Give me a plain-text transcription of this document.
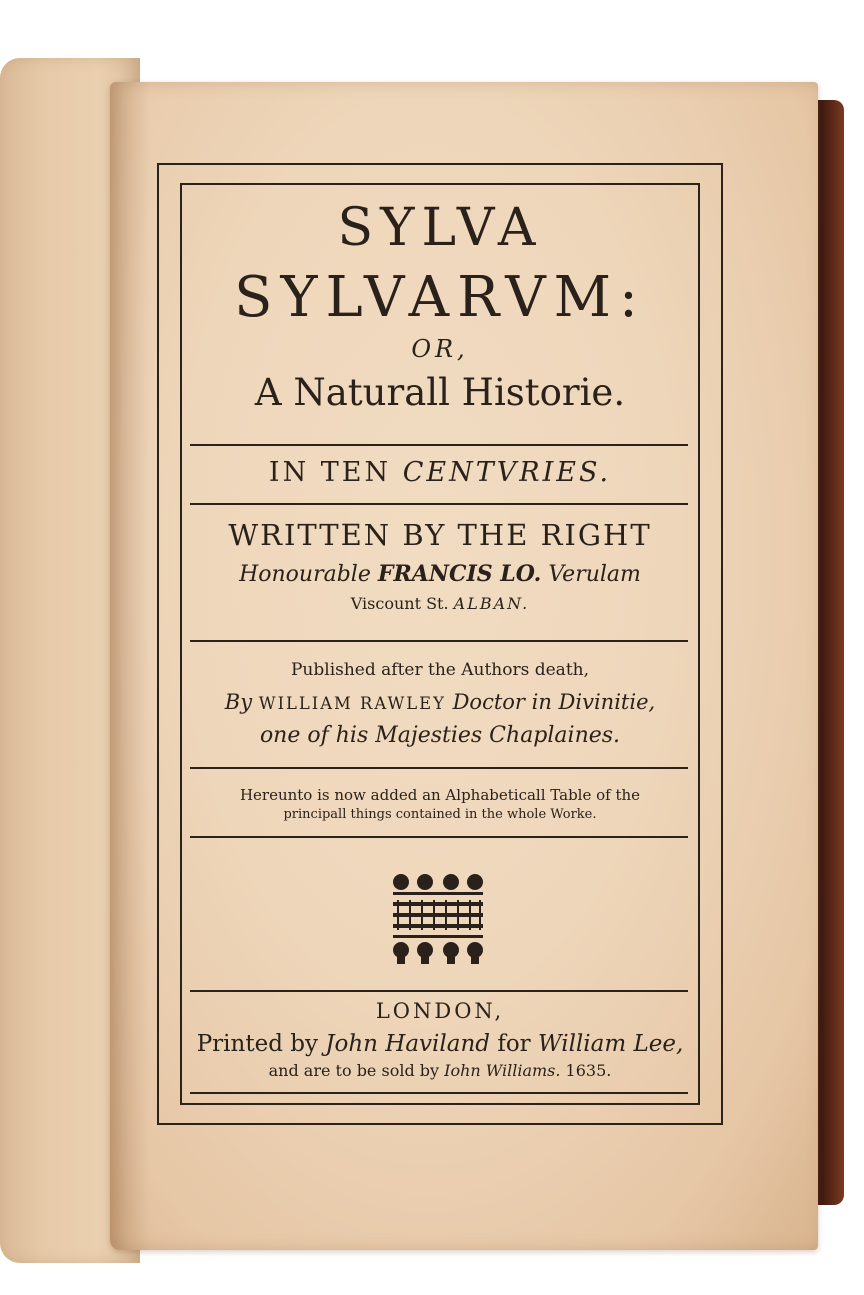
SYLVA
SYLVARVM:
OR,
A Naturall Historie.
IN TEN CENTVRIES.
WRITTEN BY THE RIGHT
Honourable FRANCIS LO. Verulam
Viscount St. ALBAN.
Published after the Authors death,
By WILLIAM RAWLEY Doctor in Divinitie,
one of his Majesties Chaplaines.
Hereunto is now added an Alphabeticall Table of the
principall things contained in the whole Worke.
LONDON,
Printed by John Haviland for William Lee,
and are to be sold by Iohn Williams. 1635.
